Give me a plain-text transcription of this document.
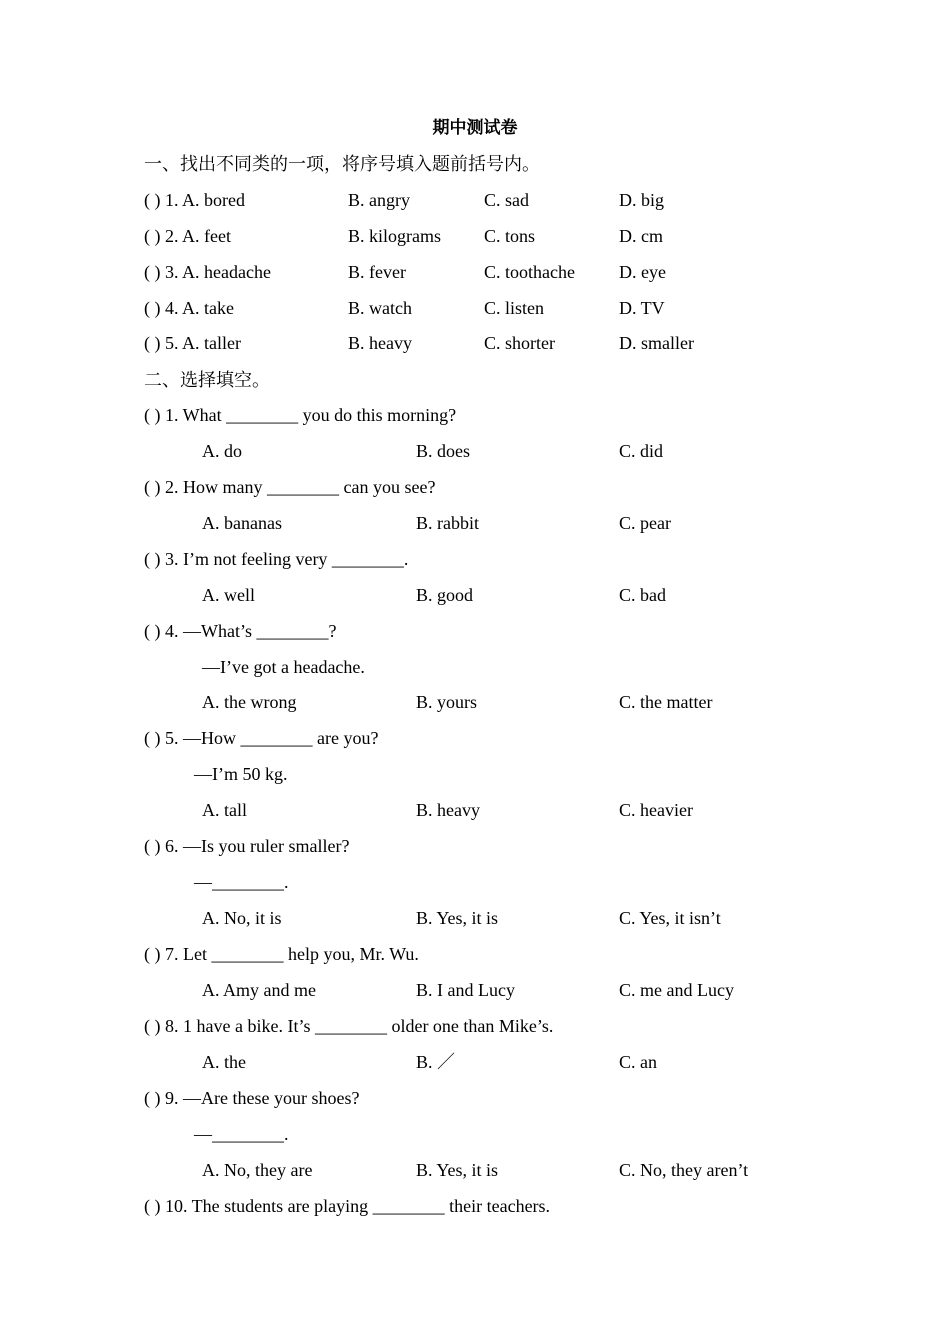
期中测试卷
一、找出不同类的一项，将序号填入题前括号内。
( ) 1. A. bored	B. angry	C. sad	D. big
( ) 2. A. feet	B. kilograms C. tons	D. cm
( ) 3. A. headache	B. fever	C. toothache D. eye
( ) 4. A. take	B. watch	C. listen	D. TV
( ) 5. A. taller	B. heavy	C. shorter	D. smaller
二、选择填空。
( ) 1. What ________ you do this morning?
A. do	B. does	C. did
( ) 2. How many ________ can you see?
A. bananas	B. rabbit	C. pear
( ) 3. I’m not feeling very ________.
A. well	B. good	C. bad
( ) 4. —What’s ________?
—I’ve got a headache.
A. the wrong	B. yours	C. the matter
( ) 5. —How ________ are you?
—I’m 50 kg.
A. tall	B. heavy	C. heavier
( ) 6. —Is you ruler smaller?
—________.
A. No, it is	B. Yes, it is	C. Yes, it isn’t
( ) 7. Let ________ help you, Mr. Wu.
A. Amy and me	B. I and Lucy	C. me and Lucy
( ) 8. 1 have a bike. It’s ________ older one than Mike’s.
A. the	B. ／	C. an
( ) 9. —Are these your shoes?
—________.
A. No, they are	B. Yes, it is	C. No, they aren’t
( ) 10. The students are playing ________ their teachers.
